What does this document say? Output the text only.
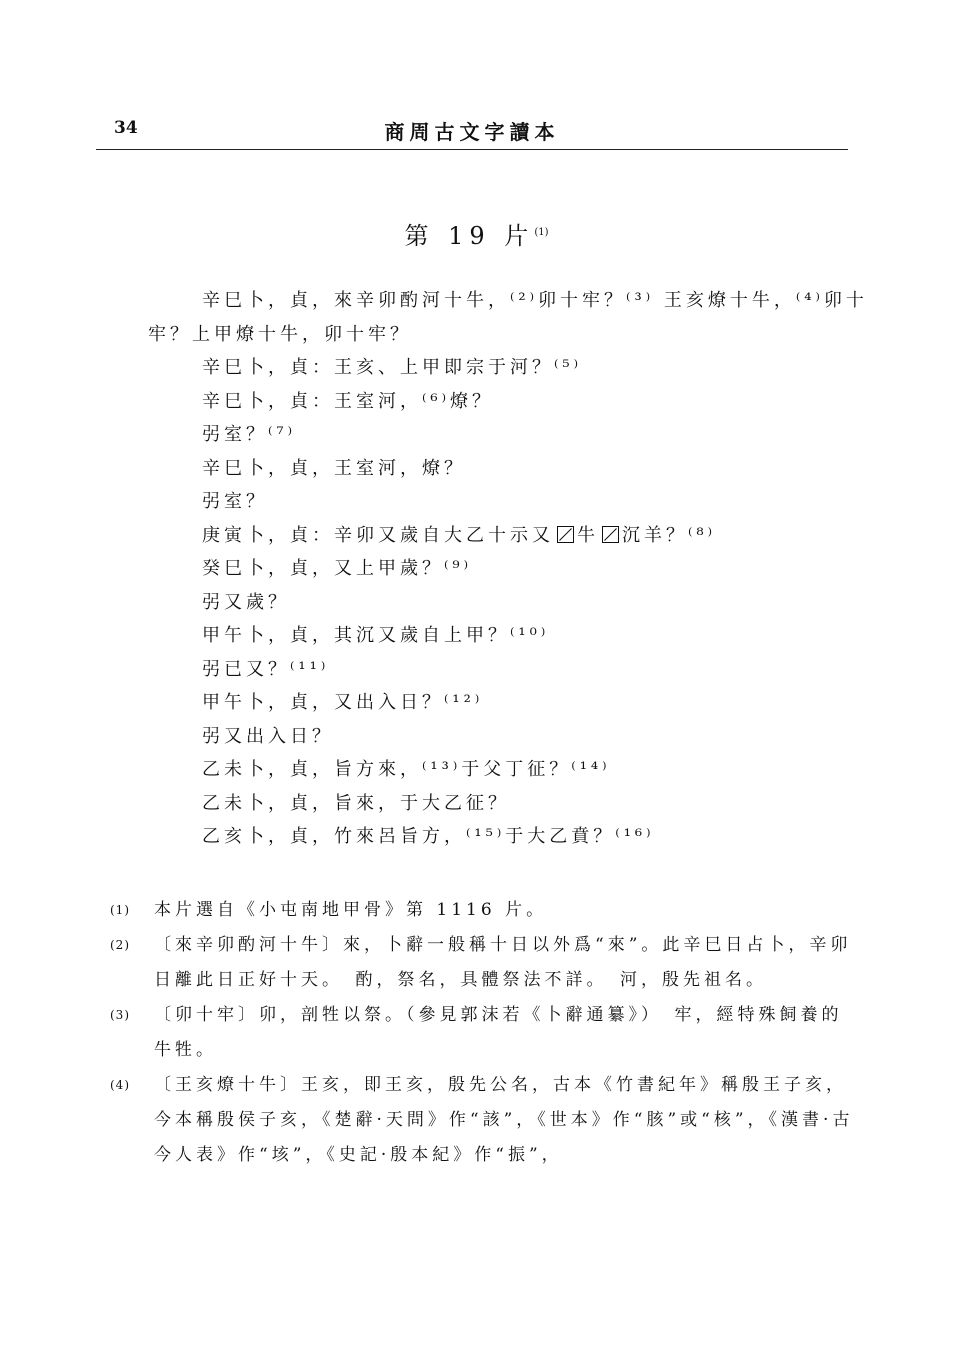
34	商周古文字讀本
第 19 片$^{(1)}$
辛巳卜，貞，來辛卯酌河十牛，⁽²⁾卯十牢？⁽³⁾ 王亥燎十牛，⁽⁴⁾卯十
牢？上甲燎十牛，卯十牢？
辛巳卜，貞：王亥、上甲即宗于河？⁽⁵⁾
辛巳卜，貞：王室河，⁽⁶⁾燎？
弜室？⁽⁷⁾
辛巳卜，貞，王室河，燎？
弜室？
庚寅卜，貞：辛卯又歲自大乙十示又 牛 沉羊？⁽⁸⁾
癸巳卜，貞，又上甲歲？⁽⁹⁾
弜又歲？
甲午卜，貞，其沉又歲自上甲？⁽¹⁰⁾
弜已又？⁽¹¹⁾
甲午卜，貞，又出入日？⁽¹²⁾
弜又出入日？
乙未卜，貞，旨方來，⁽¹³⁾于父丁征？⁽¹⁴⁾
乙未卜，貞，旨來，于大乙征？
乙亥卜，貞，竹來呂旨方，⁽¹⁵⁾于大乙賁？⁽¹⁶⁾
(1)	本片選自《小屯南地甲骨》第 1116 片。
(2)	〔來辛卯酌河十牛〕來，卜辭一般稱十日以外爲“來”。此辛巳日占卜，辛卯日離此日正好十天。　酌，祭名，具體祭法不詳。　河，殷先祖名。
(3)	〔卯十牢〕卯，剖牲以祭。（參見郭沫若《卜辭通纂》）　牢，經特殊飼養的牛牲。
(4)	〔王亥燎十牛〕王亥，即王亥，殷先公名，古本《竹書紀年》稱殷王子亥，今本稱殷侯子亥，《楚辭·天問》作“該”，《世本》作“胲”或“核”，《漢書·古今人表》作“垓”，《史記·殷本紀》作“振”，
